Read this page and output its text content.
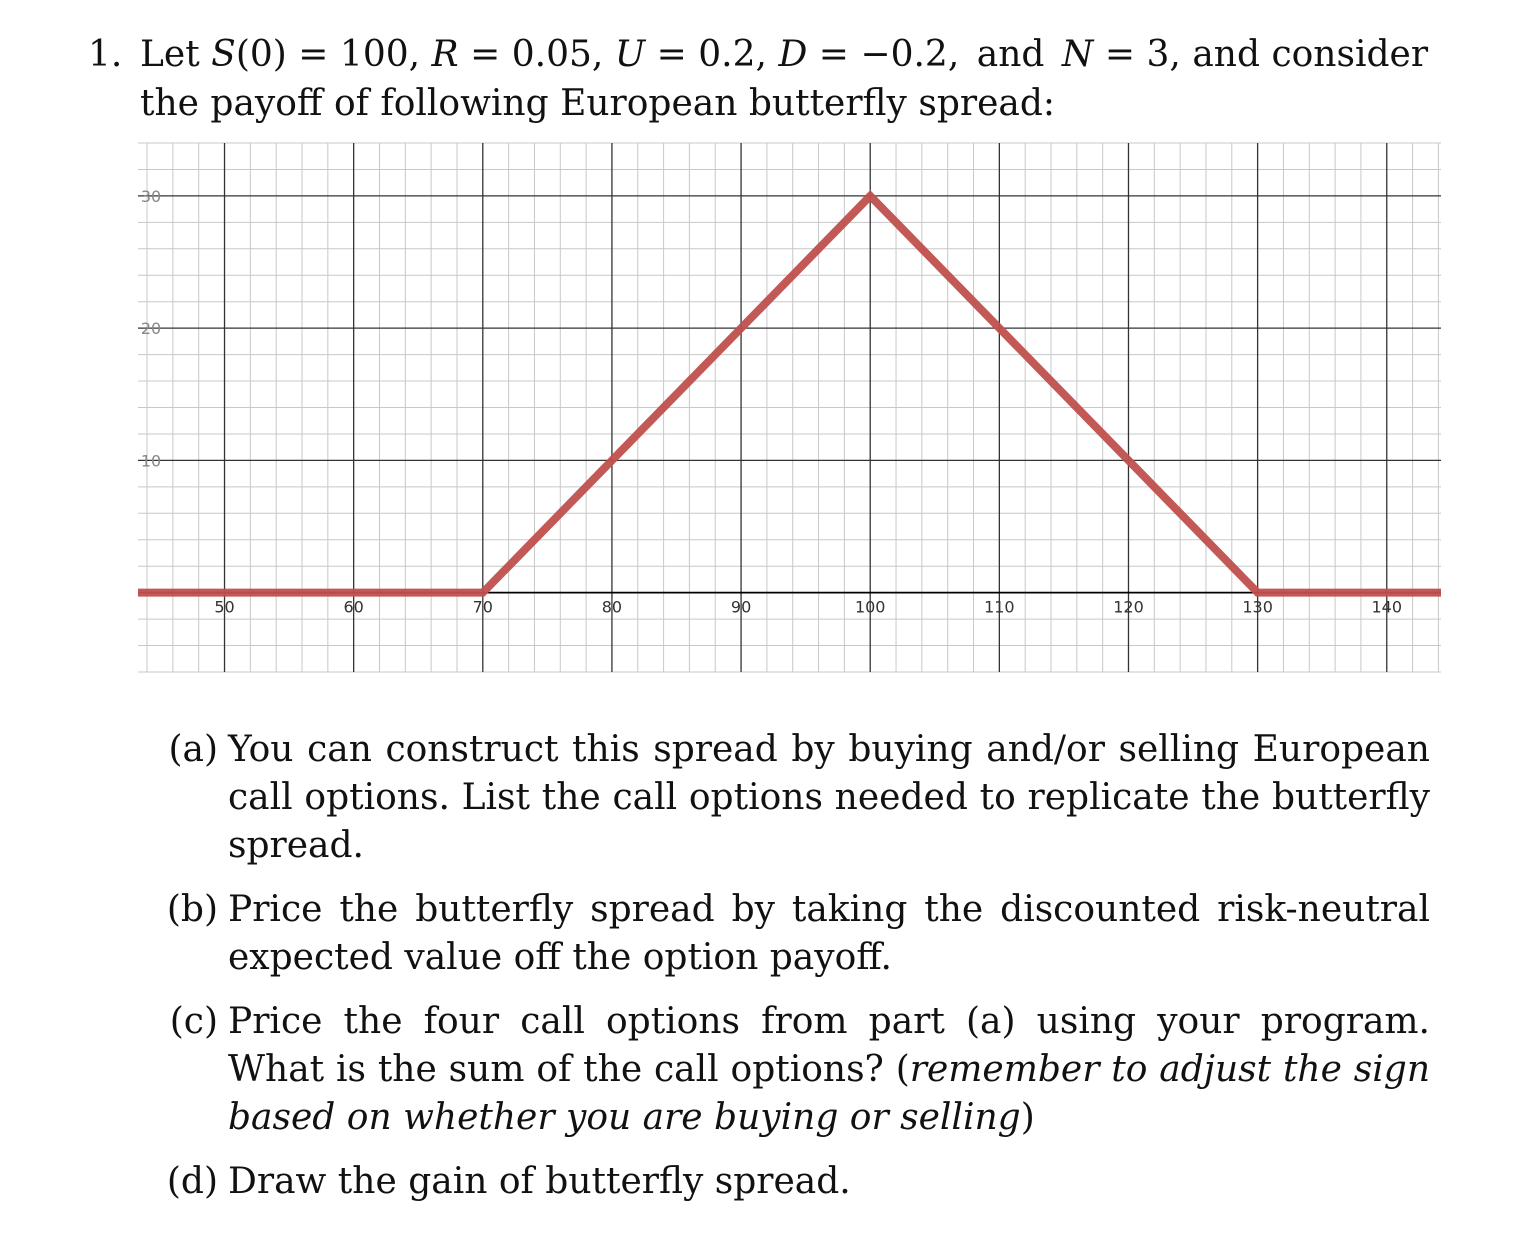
1. Let S(0) = 100, R = 0.05, U = 0.2, D = −0.2, and N = 3, and consider the payoff of following European butterfly spread:
50	60	70	80	90	100	110	120	130	140
10
20
30
(a) You can construct this spread by buying and/or selling European call options. List the call options needed to replicate the butterfly spread.
(b) Price the butterfly spread by taking the discounted risk-neutral expected value off the option payoff.
(c) Price the four call options from part (a) using your program. What is the sum of the call options? (remember to adjust the sign based on whether you are buying or selling)
(d) Draw the gain of butterfly spread.
